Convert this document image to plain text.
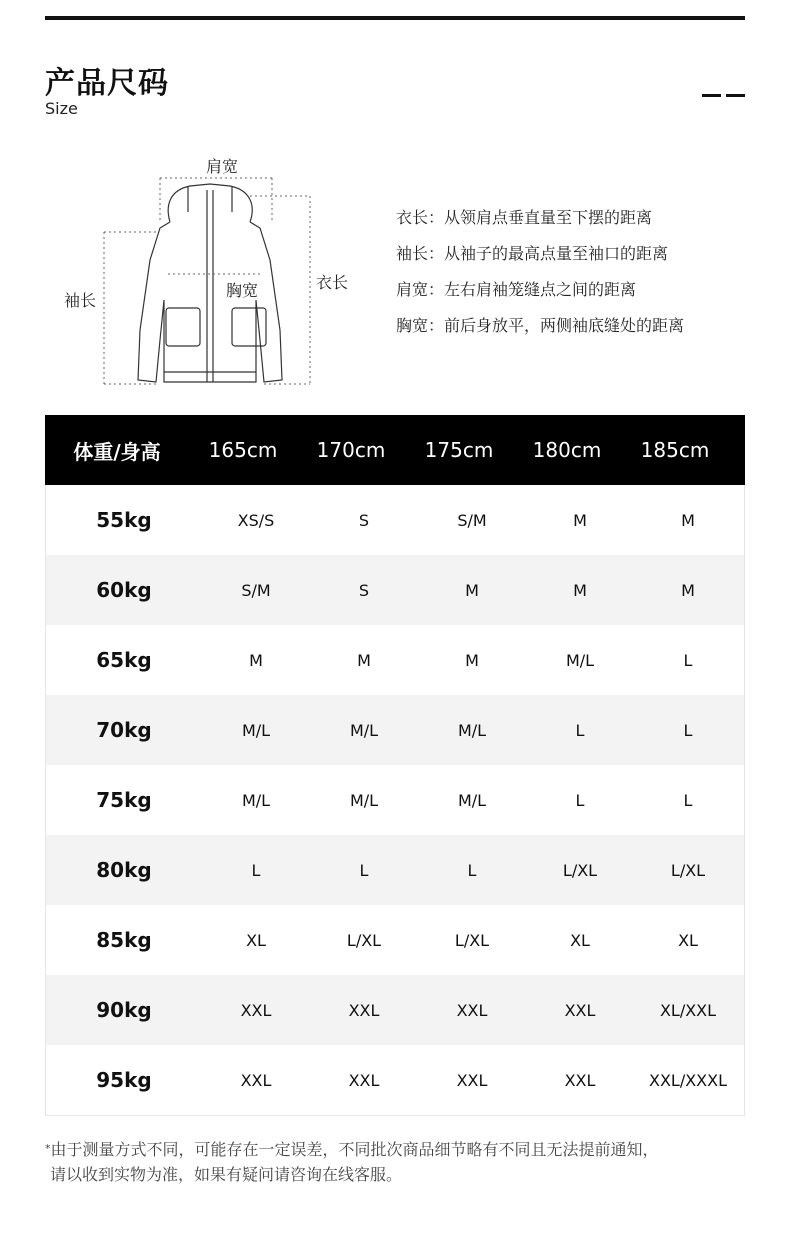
产品尺码
Size
肩宽
袖长
胸宽	衣长
衣长：从领肩点垂直量至下摆的距离
袖长：从袖子的最高点量至袖口的距离
肩宽：左右肩袖笼缝点之间的距离
胸宽：前后身放平，两侧袖底缝处的距离
体重/身高	165cm	170cm	175cm	180cm	185cm
55kg	XS/S	S	S/M	M	M
60kg	S/M	S	M	M	M
65kg	M	M	M	M/L	L
70kg	M/L	M/L	M/L	L	L
75kg	M/L	M/L	M/L	L	L
80kg	L	L	L	L/XL	L/XL
85kg	XL	L/XL	L/XL	XL	XL
90kg	XXL	XXL	XXL	XXL	XL/XXL
95kg	XXL	XXL	XXL	XXL	XXL/XXXL
*由于测量方式不同，可能存在一定误差，不同批次商品细节略有不同且无法提前通知，
请以收到实物为准，如果有疑问请咨询在线客服。
